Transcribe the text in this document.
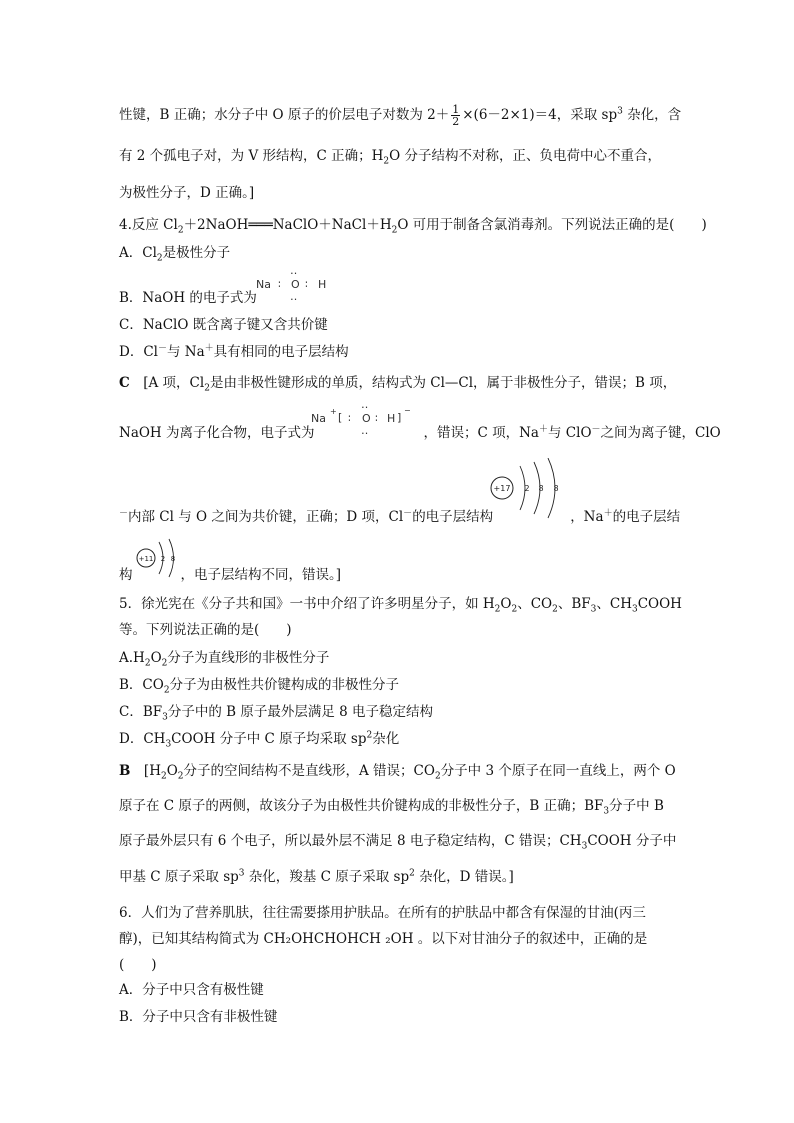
性键，B 正确；水分子中 O 原子的价层电子对数为 $2+ \frac{1}{2} \times(6-2\times 1)=4$，采取 $sp^3$ 杂化，含
有 2 个孤电子对，为 V 形结构，C 正确；$H_2O$ 分子结构不对称，正、负电荷中心不重合，
为极性分子，D 正确。]
4.反应 $Cl_2+2NaOH═══NaClO+NaCl+H_2O$ 可用于制备含氯消毒剂。下列说法正确的是(　　)
A．$Cl_2$是极性分子
B．NaOH 的电子式为
‥
Na ∶ O ∶ H
‥
C．NaClO 既含离子键又含共价键
D．Cl－与 Na＋具有相同的电子层结构
C　 [A 项，$Cl_2$是由非极性键形成的单质，结构式为 Cl—Cl，属于非极性分子，错误；B 项，
NaOH 为离子化合物，电子式为	，错误；C 项，Na＋与 ClO－之间为离子键，ClO
‥
Na
+ [ ∶ O ∶ H ]
−
‥
－内部 Cl 与 O 之间为共价键，正确；D 项，Cl－的电子层结构	，Na＋的电子层结
+17 2 8 8
构	，电子层结构不同，错误。]
+11 2 8
5．徐光宪在《分子共和国》一书中介绍了许多明星分子，如 $H_2O_2$、$CO_2$、$BF_3$、$CH_3COOH$
等。下列说法正确的是(　　)
$A.H_2O_2$分子为直线形的非极性分子
B．$CO_2$分子为由极性共价键构成的非极性分子
C．$BF_3$分子中的 B 原子最外层满足 8 电子稳定结构
D．$CH_3COOH$ 分子中 C 原子均采取 $sp^2$杂化
B　 [$H_2O_2$分子的空间结构不是直线形，A 错误；$CO_2$分子中 3 个原子在同一直线上，两个 O
原子在 C 原子的两侧，故该分子为由极性共价键构成的非极性分子，B 正确；$BF_3$分子中 B
原子最外层只有 6 个电子，所以最外层不满足 8 电子稳定结构，C 错误；$CH_3COOH$ 分子中
甲基 C 原子采取 $sp^3$ 杂化，羧基 C 原子采取 $sp^2$ 杂化，D 错误。]
6．人们为了营养肌肤，往往需要搽用护肤品。在所有的护肤品中都含有保湿的甘油(丙三
醇)，已知其结构简式为 CH₂OHCHOHCH ₂OH 。以下对甘油分子的叙述中，正确的是
(　　)
A．分子中只含有极性键
B．分子中只含有非极性键
